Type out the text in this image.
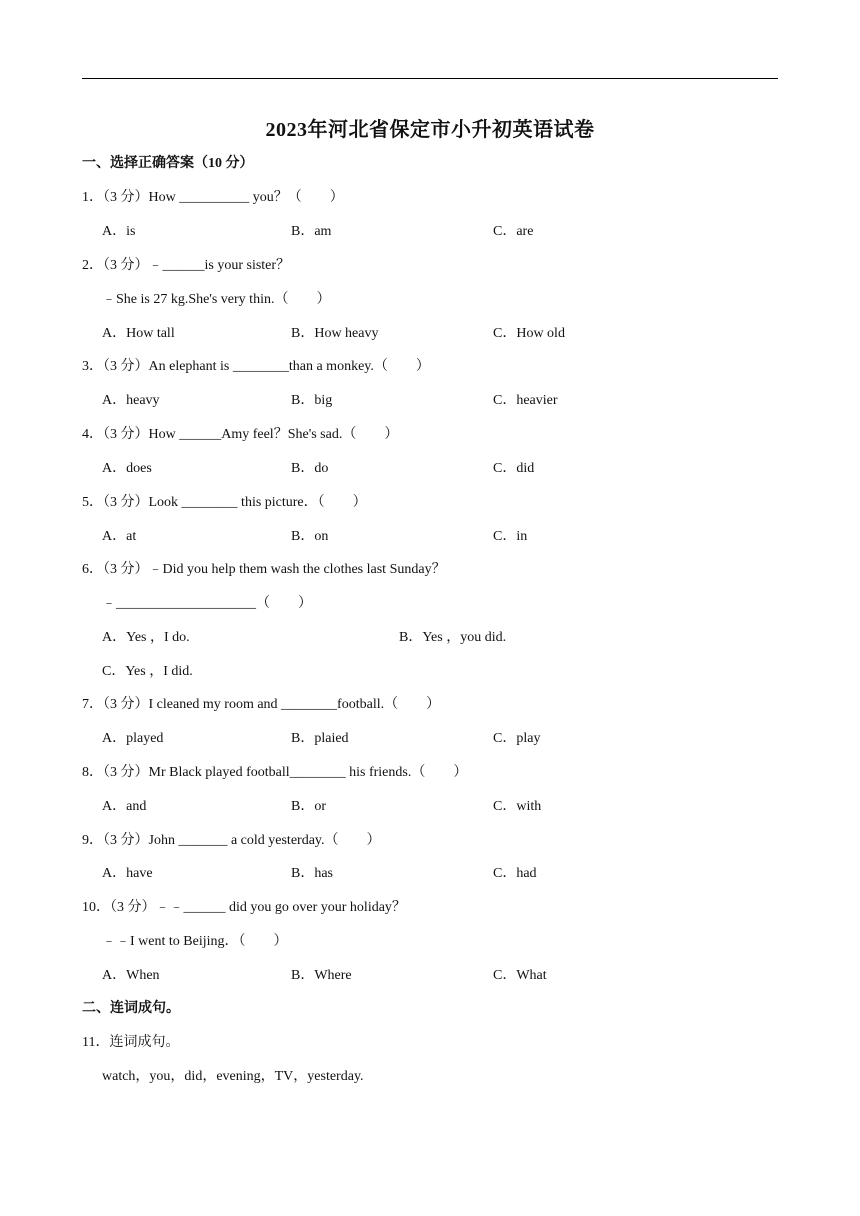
2023年河北省保定市小升初英语试卷
一、选择正确答案（10 分）
1．（3 分）How __________ you？（　　）
A．is	B．am	C．are
2．（3 分）﹣______is your sister？
﹣She is 27 kg.She's very thin.（　　）
A．How tall	B．How heavy	C．How old
3．（3 分）An elephant is ________than a monkey.（　　）
A．heavy	B．big	C．heavier
4．（3 分）How ______Amy feel？She's sad.（　　）
A．does	B．do	C．did
5．（3 分）Look ________ this picture．（　　）
A．at	B．on	C．in
6．（3 分）﹣Did you help them wash the clothes last Sunday？
﹣____________________（　　）
A．Yes ，I do.	B．Yes ，you did.
C．Yes ，I did.
7．（3 分）I cleaned my room and ________football.（　　）
A．played	B．plaied	C．play
8．（3 分）Mr Black played football________ his friends.（　　）
A．and	B．or	C．with
9．（3 分）John _______ a cold yesterday.（　　）
A．have	B．has	C．had
10．（3 分）﹣﹣______ did you go over your holiday？
﹣﹣I went to Beijing．（　　）
A．When	B．Where	C．What
二、连词成句。
11．连词成句。
watch，you，did，evening，TV，yesterday.
